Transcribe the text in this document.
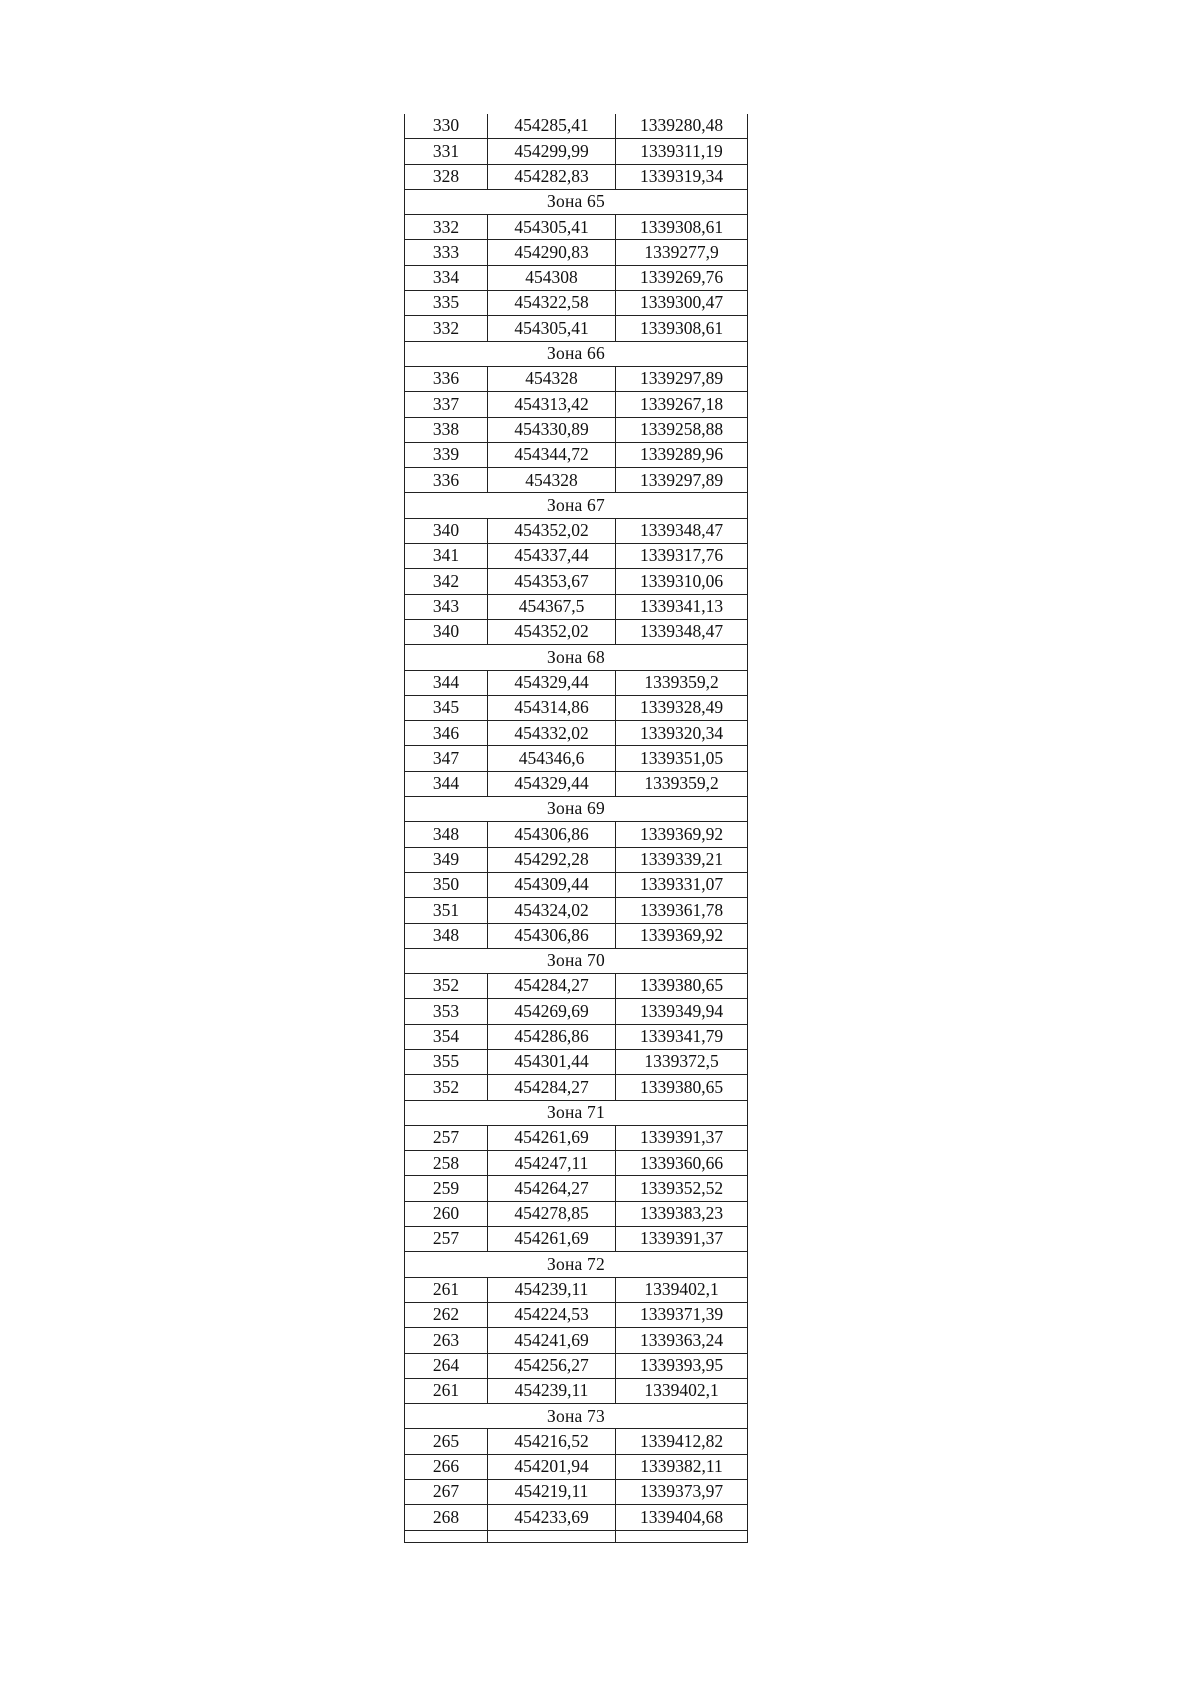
330	454285,41	1339280,48
331	454299,99	1339311,19
328	454282,83	1339319,34
Зона 65		
332	454305,41	1339308,61
333	454290,83	1339277,9
334	454308	1339269,76
335	454322,58	1339300,47
332	454305,41	1339308,61
Зона 66		
336	454328	1339297,89
337	454313,42	1339267,18
338	454330,89	1339258,88
339	454344,72	1339289,96
336	454328	1339297,89
Зона 67		
340	454352,02	1339348,47
341	454337,44	1339317,76
342	454353,67	1339310,06
343	454367,5	1339341,13
340	454352,02	1339348,47
Зона 68		
344	454329,44	1339359,2
345	454314,86	1339328,49
346	454332,02	1339320,34
347	454346,6	1339351,05
344	454329,44	1339359,2
Зона 69		
348	454306,86	1339369,92
349	454292,28	1339339,21
350	454309,44	1339331,07
351	454324,02	1339361,78
348	454306,86	1339369,92
Зона 70		
352	454284,27	1339380,65
353	454269,69	1339349,94
354	454286,86	1339341,79
355	454301,44	1339372,5
352	454284,27	1339380,65
Зона 71		
257	454261,69	1339391,37
258	454247,11	1339360,66
259	454264,27	1339352,52
260	454278,85	1339383,23
257	454261,69	1339391,37
Зона 72		
261	454239,11	1339402,1
262	454224,53	1339371,39
263	454241,69	1339363,24
264	454256,27	1339393,95
261	454239,11	1339402,1
Зона 73		
265	454216,52	1339412,82
266	454201,94	1339382,11
267	454219,11	1339373,97
268	454233,69	1339404,68
